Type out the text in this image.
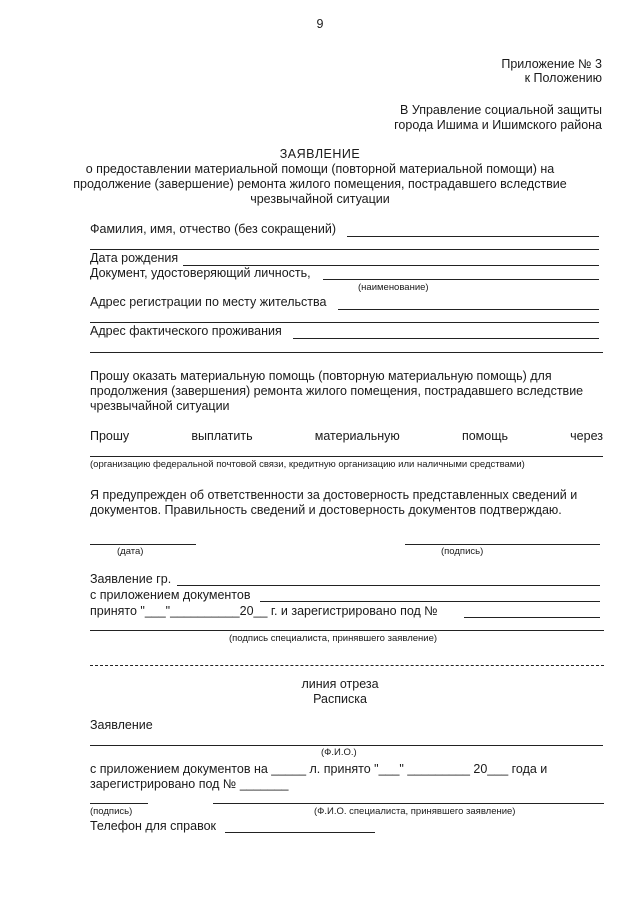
9
Приложение № 3
к Положению
В Управление социальной защиты
города Ишима и Ишимского района
ЗАЯВЛЕНИЕ
о предоставлении материальной помощи (повторной материальной помощи) на
продолжение (завершение) ремонта жилого помещения, пострадавшего вследствие
чрезвычайной ситуации
Фамилия, имя, отчество (без сокращений)
Дата рождения
Документ, удостоверяющий личность,
(наименование)
Адрес регистрации по месту жительства
Адрес фактического проживания
Прошу оказать материальную помощь (повторную материальную помощь) для
продолжения (завершения) ремонта жилого помещения, пострадавшего вследствие
чрезвычайной ситуации
Прошу	выплатить	материальную	помощь	через
(организацию федеральной почтовой связи, кредитную организацию или наличными средствами)
Я предупрежден об ответственности за достоверность представленных сведений и
документов. Правильность сведений и достоверность документов подтверждаю.
(дата)	(подпись)
Заявление гр.
с приложением документов
принято "___"__________20__ г. и зарегистрировано под №
(подпись специалиста, принявшего заявление)
линия отреза
Расписка
Заявление
(Ф.И.О.)
с приложением документов на _____ л. принято "___" _________ 20___ года и
зарегистрировано под № _______
(подпись)	(Ф.И.О. специалиста, принявшего заявление)
Телефон для справок
